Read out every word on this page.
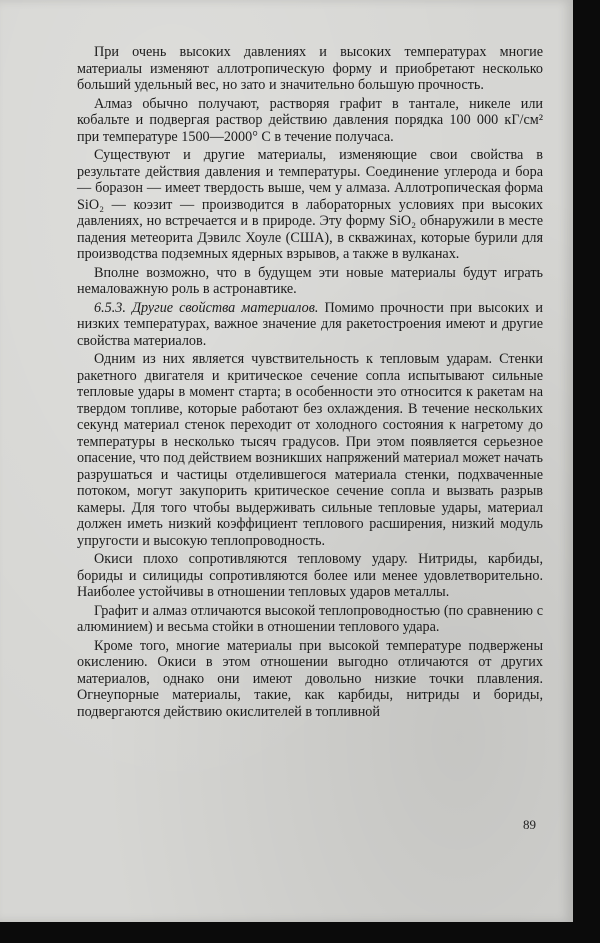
При очень высоких давлениях и высоких температурах многие материалы изменяют аллотропическую форму и приобретают несколько больший удельный вес, но зато и значительно большую прочность.

Алмаз обычно получают, растворяя графит в тантале, никеле или кобальте и подвергая раствор действию давления порядка 100 000 кГ/см² при температуре 1500—2000° С в течение получаса.

Существуют и другие материалы, изменяющие свои свойства в результате действия давления и температуры. Соединение углерода и бора — боразон — имеет твердость выше, чем у алмаза. Аллотропическая форма SiO₂ — коэзит — производится в лабораторных условиях при высоких давлениях, но встречается и в природе. Эту форму SiO₂ обнаружили в месте падения метеорита Дэвилс Хоуле (США), в скважинах, которые бурили для производства подземных ядерных взрывов, а также в вулканах.

Вполне возможно, что в будущем эти новые материалы будут играть немаловажную роль в астронавтике.

6.5.3. Другие свойства материалов. Помимо прочности при высоких и низких температурах, важное значение для ракетостроения имеют и другие свойства материалов.

Одним из них является чувствительность к тепловым ударам. Стенки ракетного двигателя и критическое сечение сопла испытывают сильные тепловые удары в момент старта; в особенности это относится к ракетам на твердом топливе, которые работают без охлаждения. В течение нескольких секунд материал стенок переходит от холодного состояния к нагретому до температуры в несколько тысяч градусов. При этом появляется серьезное опасение, что под действием возникших напряжений материал может начать разрушаться и частицы отделившегося материала стенки, подхваченные потоком, могут закупорить критическое сечение сопла и вызвать разрыв камеры. Для того чтобы выдерживать сильные тепловые удары, материал должен иметь низкий коэффициент теплового расширения, низкий модуль упругости и высокую теплопроводность.

Окиси плохо сопротивляются тепловому удару. Нитриды, карбиды, бориды и силициды сопротивляются более или менее удовлетворительно. Наиболее устойчивы в отношении тепловых ударов металлы.

Графит и алмаз отличаются высокой теплопроводностью (по сравнению с алюминием) и весьма стойки в отношении теплового удара.

Кроме того, многие материалы при высокой температуре подвержены окислению. Окиси в этом отношении выгодно отличаются от других материалов, однако они имеют довольно низкие точки плавления. Огнеупорные материалы, такие, как карбиды, нитриды и бориды, подвергаются действию окислителей в топливной

89
